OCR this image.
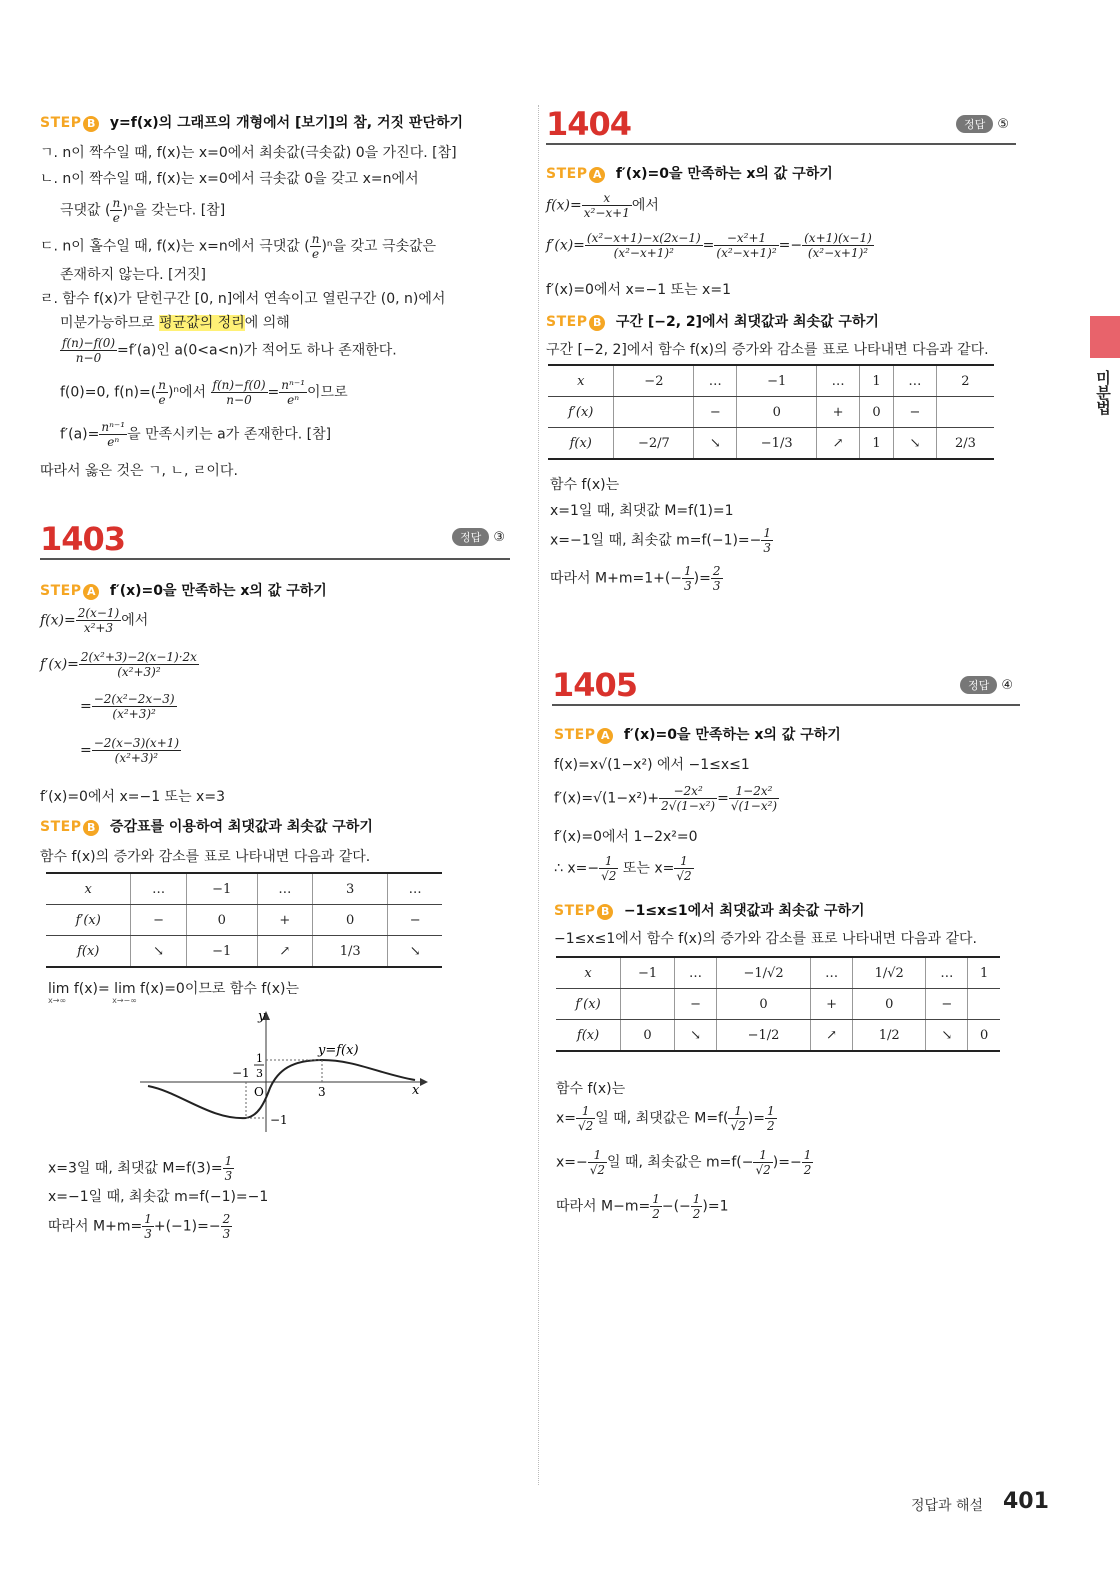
STEP B y=f(x)의 그래프의 개형에서 [보기]의 참, 거짓 판단하기
ㄱ. n이 짝수일 때, f(x)는 x=0에서 최솟값(극솟값) 0을 가진다. [참]
ㄴ. n이 짝수일 때, f(x)는 x=0에서 극솟값 0을 갖고 x=n에서
극댓값 ( $\frac{n}{e} )^n$을 갖는다. [참]
ㄷ. n이 홀수일 때, f(x)는 x=n에서 극댓값 ( $\frac{n}{e} )^n$을 갖고 극솟값은
존재하지 않는다. [거짓]
ㄹ. 함수 f(x)가 닫힌구간 [0, n]에서 연속이고 열린구간 (0, n)에서
미분가능하므로 평균값의 정리에 의해
$\frac{f(n)-f(0)}{n-0} =f'(a)$인 a(0<a<n)가 적어도 하나 존재한다.
f(0)=0, $f(n)=( \frac{n}{e} )^n$에서 $\frac{f(n)-f(0)}{n-0} = \frac{\text{nⁿ⁻¹}}{\text{eⁿ}}$ 이므로
$f'(a)= \frac{\text{nⁿ⁻¹}}{\text{eⁿ}}$ 을 만족시키는 a가 존재한다. [참]
따라서 옳은 것은 ㄱ, ㄴ, ㄹ이다.
1403	정답 ③
STEP A f′(x)=0을 만족하는 x의 값 구하기
$f(x)= \frac{2(x-1)}{\text{x²+3}}$ 에서
$f'(x)= \frac{\text{2(x²+3)−2(x−1)·2x}}{\text{(x²+3)²}}$
= $\frac{\text{−2(x²−2x−3)}}{\text{(x²+3)²}}$
= $\frac{-2(x-3)(x+1)}{\text{(x²+3)²}}$
f′(x)=0에서 x=−1 또는 x=3
STEP B 증감표를 이용하여 최댓값과 최솟값 구하기
함수 f(x)의 증가와 감소를 표로 나타내면 다음과 같다.
x	…	−1	…	3	…
f′(x)	−	0	+	0	−
f(x)	↘	−1	↗	1/3	↘
lim f(x)= lim f(x)=0이므로 함수 f(x)는
x→∞	x→−∞
y
x
y=f(x)
1
3
−1
O	3
−1
x=3일 때, 최댓값 $M=f(3)= \frac{1}{3}$
x=−1일 때, 최솟값 m=f(−1)=−1
따라서 $M+m= \frac{1}{3} +(-1)=- \frac{2}{3}$
1404	정답 ⑤
STEP A f′(x)=0을 만족하는 x의 값 구하기
$f(x)= \frac{x}{\text{x²−x+1}}$ 에서
$f'(x)= \frac{\text{(x²−x+1)−x(2x−1)}}{\text{(x²−x+1)²}} = \frac{\text{−x²+1}}{\text{(x²−x+1)²}} =- \frac{(x+1)(x-1)}{\text{(x²−x+1)²}}$
f′(x)=0에서 x=−1 또는 x=1
STEP B 구간 [−2, 2]에서 최댓값과 최솟값 구하기
구간 [−2, 2]에서 함수 f(x)의 증가와 감소를 표로 나타내면 다음과 같다.
x	−2	…	−1	…	1	…	2
f′(x)		−	0	+	0	−	
f(x)	−2/7	↘	−1/3	↗	1	↘	2/3
함수 f(x)는
x=1일 때, 최댓값 M=f(1)=1
x=−1일 때, 최솟값 $m=f(-1)=- \frac{1}{3}$
따라서 $M+m=1+(- \frac{1}{3}$ )= $\frac{2}{3}$
1405	정답 ④
STEP A f′(x)=0을 만족하는 x의 값 구하기
f(x)=x√(1−x²) 에서 −1≤x≤1
$f'(x)=√(1-x^2)+ \frac{\text{−2x²}}{\text{2√(1−x²)}} = \frac{\text{1−2x²}}{\text{√(1−x²)}}$
f′(x)=0에서 1−2x²=0
∴ $x=- \frac{1}{√2}$ 또는 $x= \frac{1}{√2}$
STEP B −1≤x≤1에서 최댓값과 최솟값 구하기
−1≤x≤1에서 함수 f(x)의 증가와 감소를 표로 나타내면 다음과 같다.
x	−1	…	−1/√2	…	1/√2	…	1
f′(x)		−	0	+	0	−	
f(x)	0	↘	−1/2	↗	1/2	↘	0
함수 f(x)는
$x= \frac{1}{√2}$ 일 때, 최댓값은 $M=f( \frac{1}{√2}$ )= $\frac{1}{2}$
$x=- \frac{1}{√2}$ 일 때, 최솟값은 $m=f(- \frac{1}{√2}$ )=− $\frac{1}{2}$
따라서 $M-m= \frac{1}{2}$ −(− $\frac{1}{2} )=1$
미분법
정답과 해설 401
